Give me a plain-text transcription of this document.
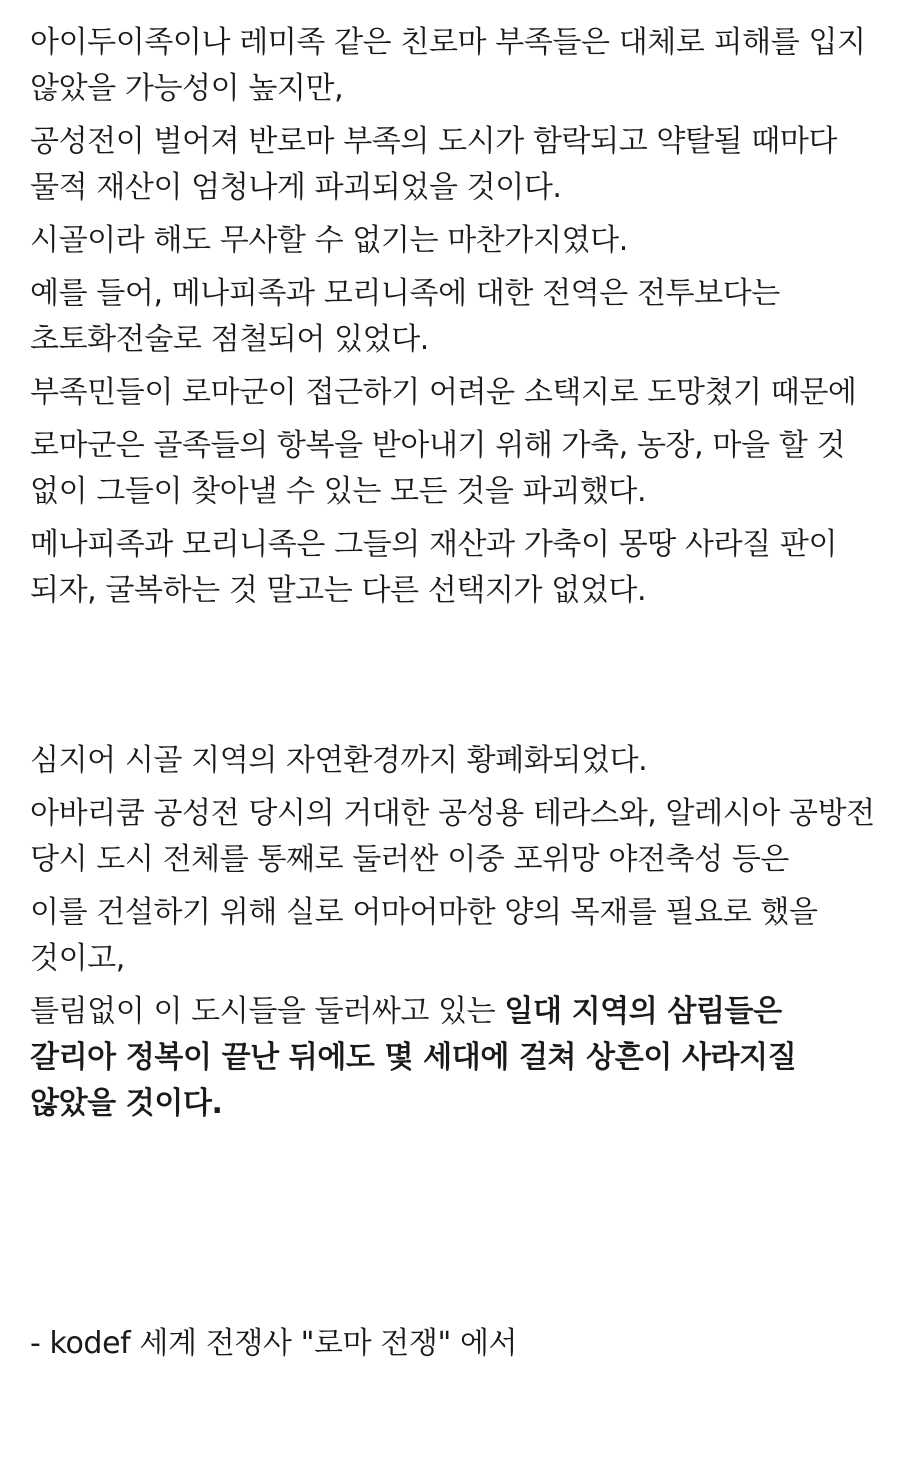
아이두이족이나 레미족 같은 친로마 부족들은 대체로 피해를 입지 않았을 가능성이 높지만,

공성전이 벌어져 반로마 부족의 도시가 함락되고 약탈될 때마다 물적 재산이 엄청나게 파괴되었을 것이다.

시골이라 해도 무사할 수 없기는 마찬가지였다.

예를 들어, 메나피족과 모리니족에 대한 전역은 전투보다는 초토화전술로 점철되어 있었다.

부족민들이 로마군이 접근하기 어려운 소택지로 도망쳤기 때문에

로마군은 골족들의 항복을 받아내기 위해 가축, 농장, 마을 할 것 없이 그들이 찾아낼 수 있는 모든 것을 파괴했다.

메나피족과 모리니족은 그들의 재산과 가축이 몽땅 사라질 판이 되자, 굴복하는 것 말고는 다른 선택지가 없었다.

심지어 시골 지역의 자연환경까지 황폐화되었다.

아바리쿰 공성전 당시의 거대한 공성용 테라스와, 알레시아 공방전 당시 도시 전체를 통째로 둘러싼 이중 포위망 야전축성 등은

이를 건설하기 위해 실로 어마어마한 양의 목재를 필요로 했을 것이고,

틀림없이 이 도시들을 둘러싸고 있는 일대 지역의 삼림들은 갈리아 정복이 끝난 뒤에도 몇 세대에 걸쳐 상흔이 사라지질 않았을 것이다.

- kodef 세계 전쟁사 "로마 전쟁" 에서
